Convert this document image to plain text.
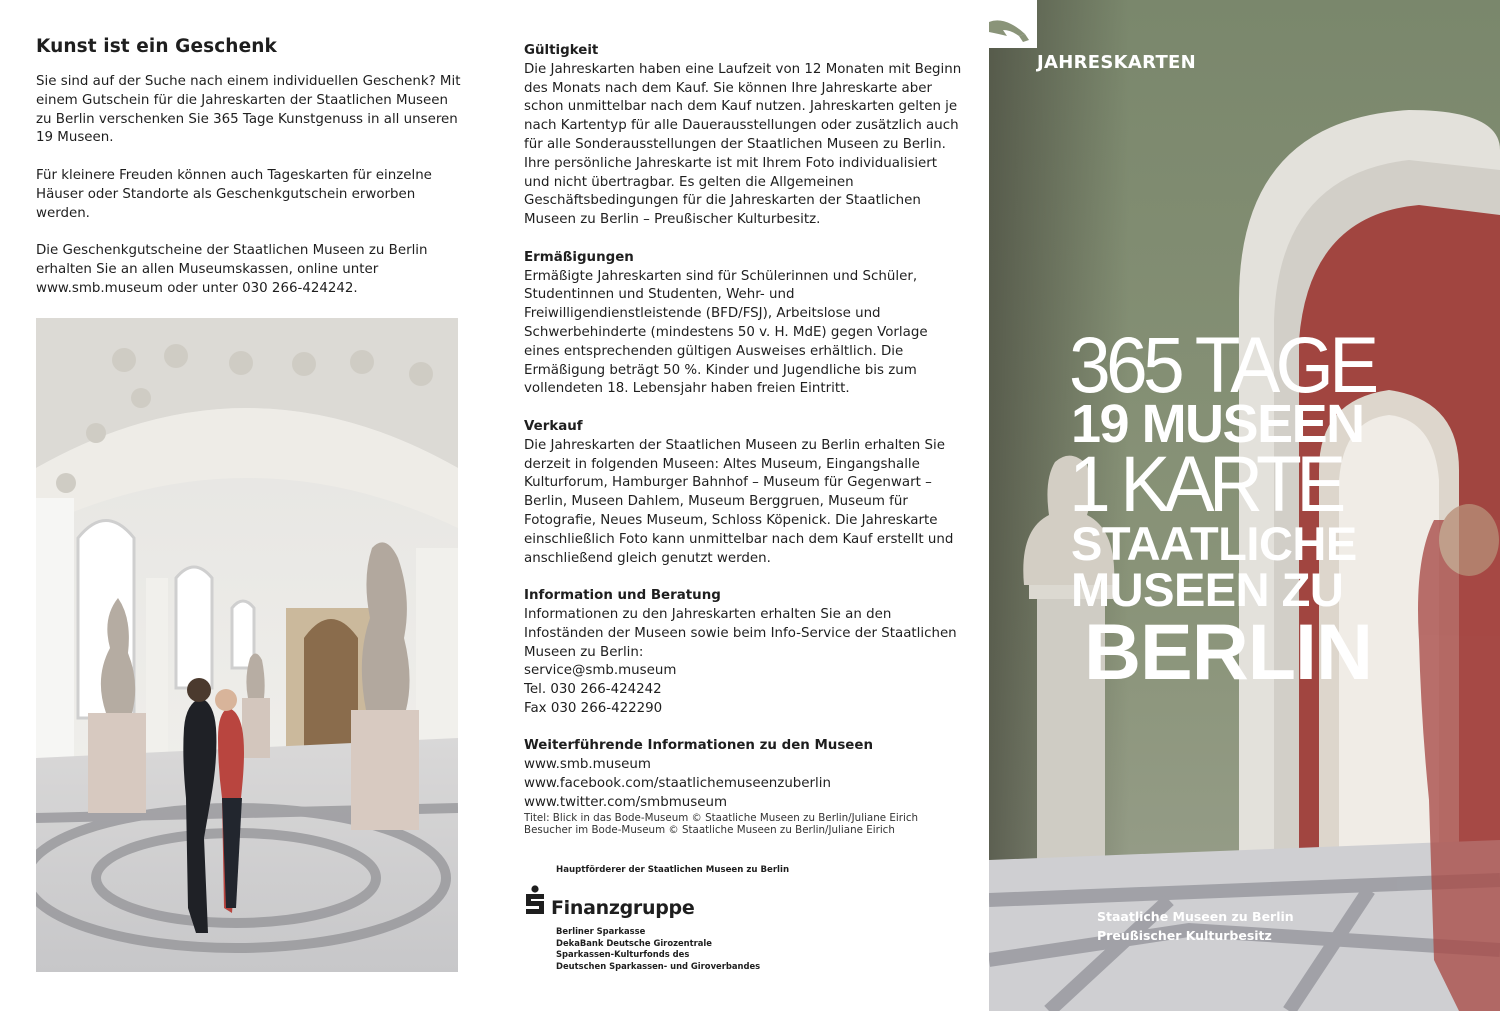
Kunst ist ein Geschenk

Sie sind auf der Suche nach einem individuellen Geschenk? Mit einem Gutschein für die Jahreskarten der Staatlichen Museen zu Berlin verschenken Sie 365 Tage Kunstgenuss in all unseren 19 Museen.

Für kleinere Freuden können auch Tageskarten für einzelne Häuser oder Standorte als Geschenkgutschein erworben werden.

Die Geschenkgutscheine der Staatlichen Museen zu Berlin erhalten Sie an allen Museumskassen, online unter www.smb.museum oder unter 030 266-424242.

Gültigkeit
Die Jahreskarten haben eine Laufzeit von 12 Monaten mit Beginn des Monats nach dem Kauf. Sie können Ihre Jahreskarte aber schon unmittelbar nach dem Kauf nutzen. Jahreskarten gelten je nach Kartentyp für alle Dauerausstellungen oder zusätzlich auch für alle Sonderausstellungen der Staatlichen Museen zu Berlin. Ihre persönliche Jahreskarte ist mit Ihrem Foto individualisiert und nicht übertragbar. Es gelten die Allgemeinen Geschäftsbedingungen für die Jahreskarten der Staatlichen Museen zu Berlin – Preußischer Kulturbesitz.
Ermäßigungen
Ermäßigte Jahreskarten sind für Schülerinnen und Schüler, Studentinnen und Studenten, Wehr- und Freiwilligendienstleistende (BFD/FSJ), Arbeitslose und Schwerbehinderte (mindestens 50 v. H. MdE) gegen Vorlage eines entsprechenden gültigen Ausweises erhältlich. Die Ermäßigung beträgt 50 %. Kinder und Jugendliche bis zum vollendeten 18. Lebensjahr haben freien Eintritt.
Verkauf
Die Jahreskarten der Staatlichen Museen zu Berlin erhalten Sie derzeit in folgenden Museen: Altes Museum, Eingangshalle Kulturforum, Hamburger Bahnhof – Museum für Gegenwart – Berlin, Museen Dahlem, Museum Berggruen, Museum für Fotografie, Neues Museum, Schloss Köpenick. Die Jahreskarte einschließlich Foto kann unmittelbar nach dem Kauf erstellt und anschließend gleich genutzt werden.
Information und Beratung
Informationen zu den Jahreskarten erhalten Sie an den Infoständen der Museen sowie beim Info-Service der Staatlichen Museen zu Berlin:
service@smb.museum
Tel. 030 266-424242
Fax 030 266-422290
Weiterführende Informationen zu den Museen
www.smb.museum
www.facebook.com/staatlichemuseenzuberlin
www.twitter.com/smbmuseum
Titel: Blick in das Bode-Museum © Staatliche Museen zu Berlin/Juliane Eirich
Besucher im Bode-Museum © Staatliche Museen zu Berlin/Juliane Eirich
Hauptförderer der Staatlichen Museen zu Berlin
Finanzgruppe
Berliner Sparkasse
DekaBank Deutsche Girozentrale
Sparkassen-Kulturfonds des
Deutschen Sparkassen- und Giroverbandes
JAHRESKARTEN
365 TAGE
19 MUSEEN
1 KARTE
STAATLICHE
MUSEEN ZU
BERLIN
Staatliche Museen zu Berlin
Preußischer Kulturbesitz
